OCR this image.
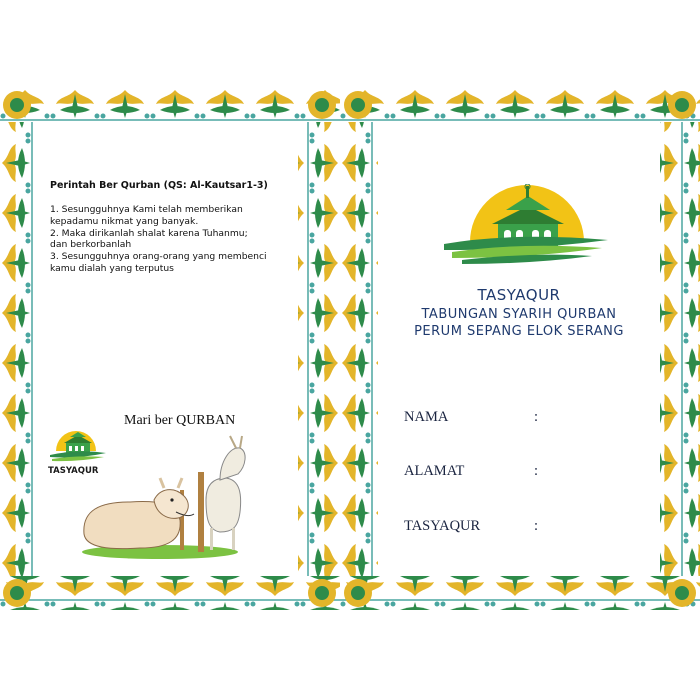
Perintah Ber Qurban (QS: Al-Kautsar1-3)
1. Sesungguhnya Kami telah memberikan
kepadamu nikmat yang banyak.
2. Maka dirikanlah shalat karena Tuhanmu;
dan berkorbanlah
3. Sesungguhnya orang-orang yang membenci
kamu dialah yang terputus
Mari ber QURBAN
TASYAQUR
TASYAQUR
TABUNGAN SYARIH QURBAN
PERUM SEPANG ELOK SERANG
NAMA	:
ALAMAT	:
TASYAQUR	:
